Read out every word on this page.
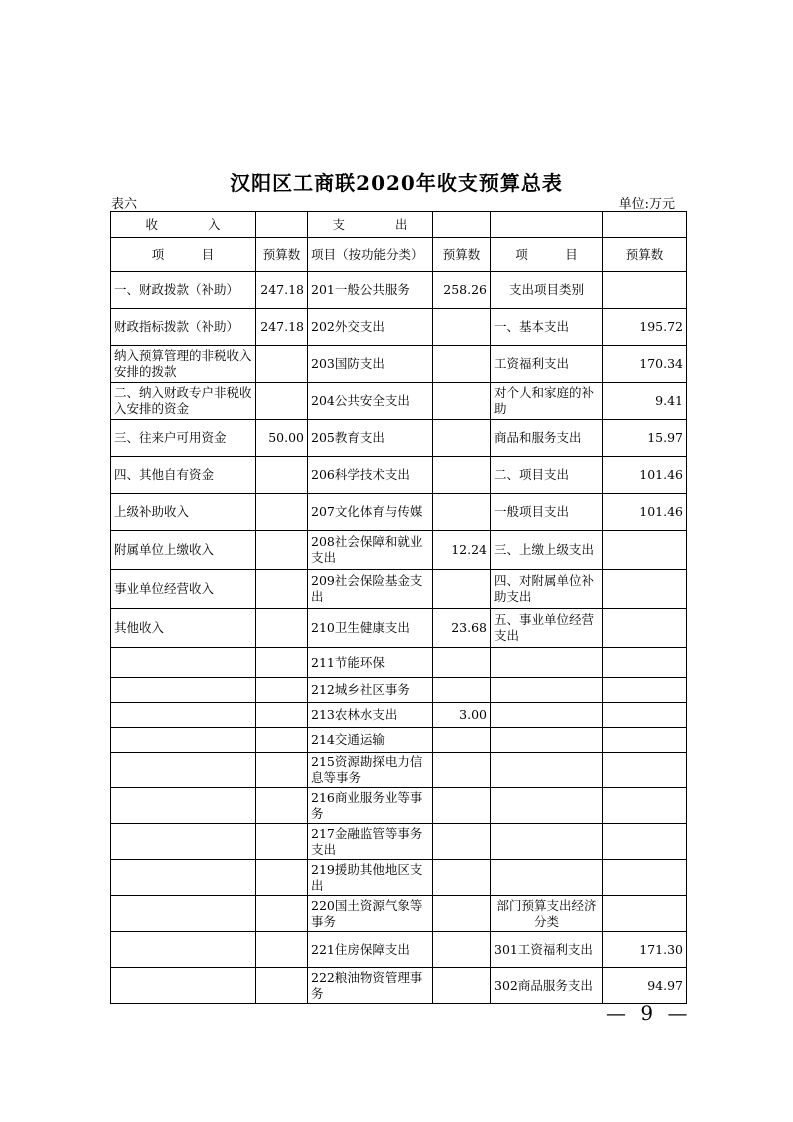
汉阳区工商联2020年收支预算总表
表六	单位:万元
收　　　　入		支　　　　出			
项　　　目	预算数	项目（按功能分类）	预算数	项　　　目	预算数
一、财政拨款（补助）	247.18	201一般公共服务	258.26	支出项目类别	
财政指标拨款（补助）	247.18	202外交支出		一、基本支出	195.72
纳入预算管理的非税收入安排的拨款		203国防支出		工资福利支出	170.34
二、纳入财政专户非税收入安排的资金		204公共安全支出		对个人和家庭的补助	9.41
三、往来户可用资金	50.00	205教育支出		商品和服务支出	15.97
四、其他自有资金		206科学技术支出		二、项目支出	101.46
上级补助收入		207文化体育与传媒		一般项目支出	101.46
附属单位上缴收入		208社会保障和就业支出	12.24	三、上缴上级支出	
事业单位经营收入		209社会保险基金支出		四、对附属单位补助支出	
其他收入		210卫生健康支出	23.68	五、事业单位经营支出	
		211节能环保			
		212城乡社区事务			
		213农林水支出	3.00		
		214交通运输			
		215资源勘探电力信息等事务			
		216商业服务业等事务			
		217金融监管等事务支出			
		219援助其他地区支出			
		220国土资源气象等事务		部门预算支出经济分类	
		221住房保障支出		301工资福利支出	171.30
		222粮油物资管理事务		302商品服务支出	94.97
— 9 —
